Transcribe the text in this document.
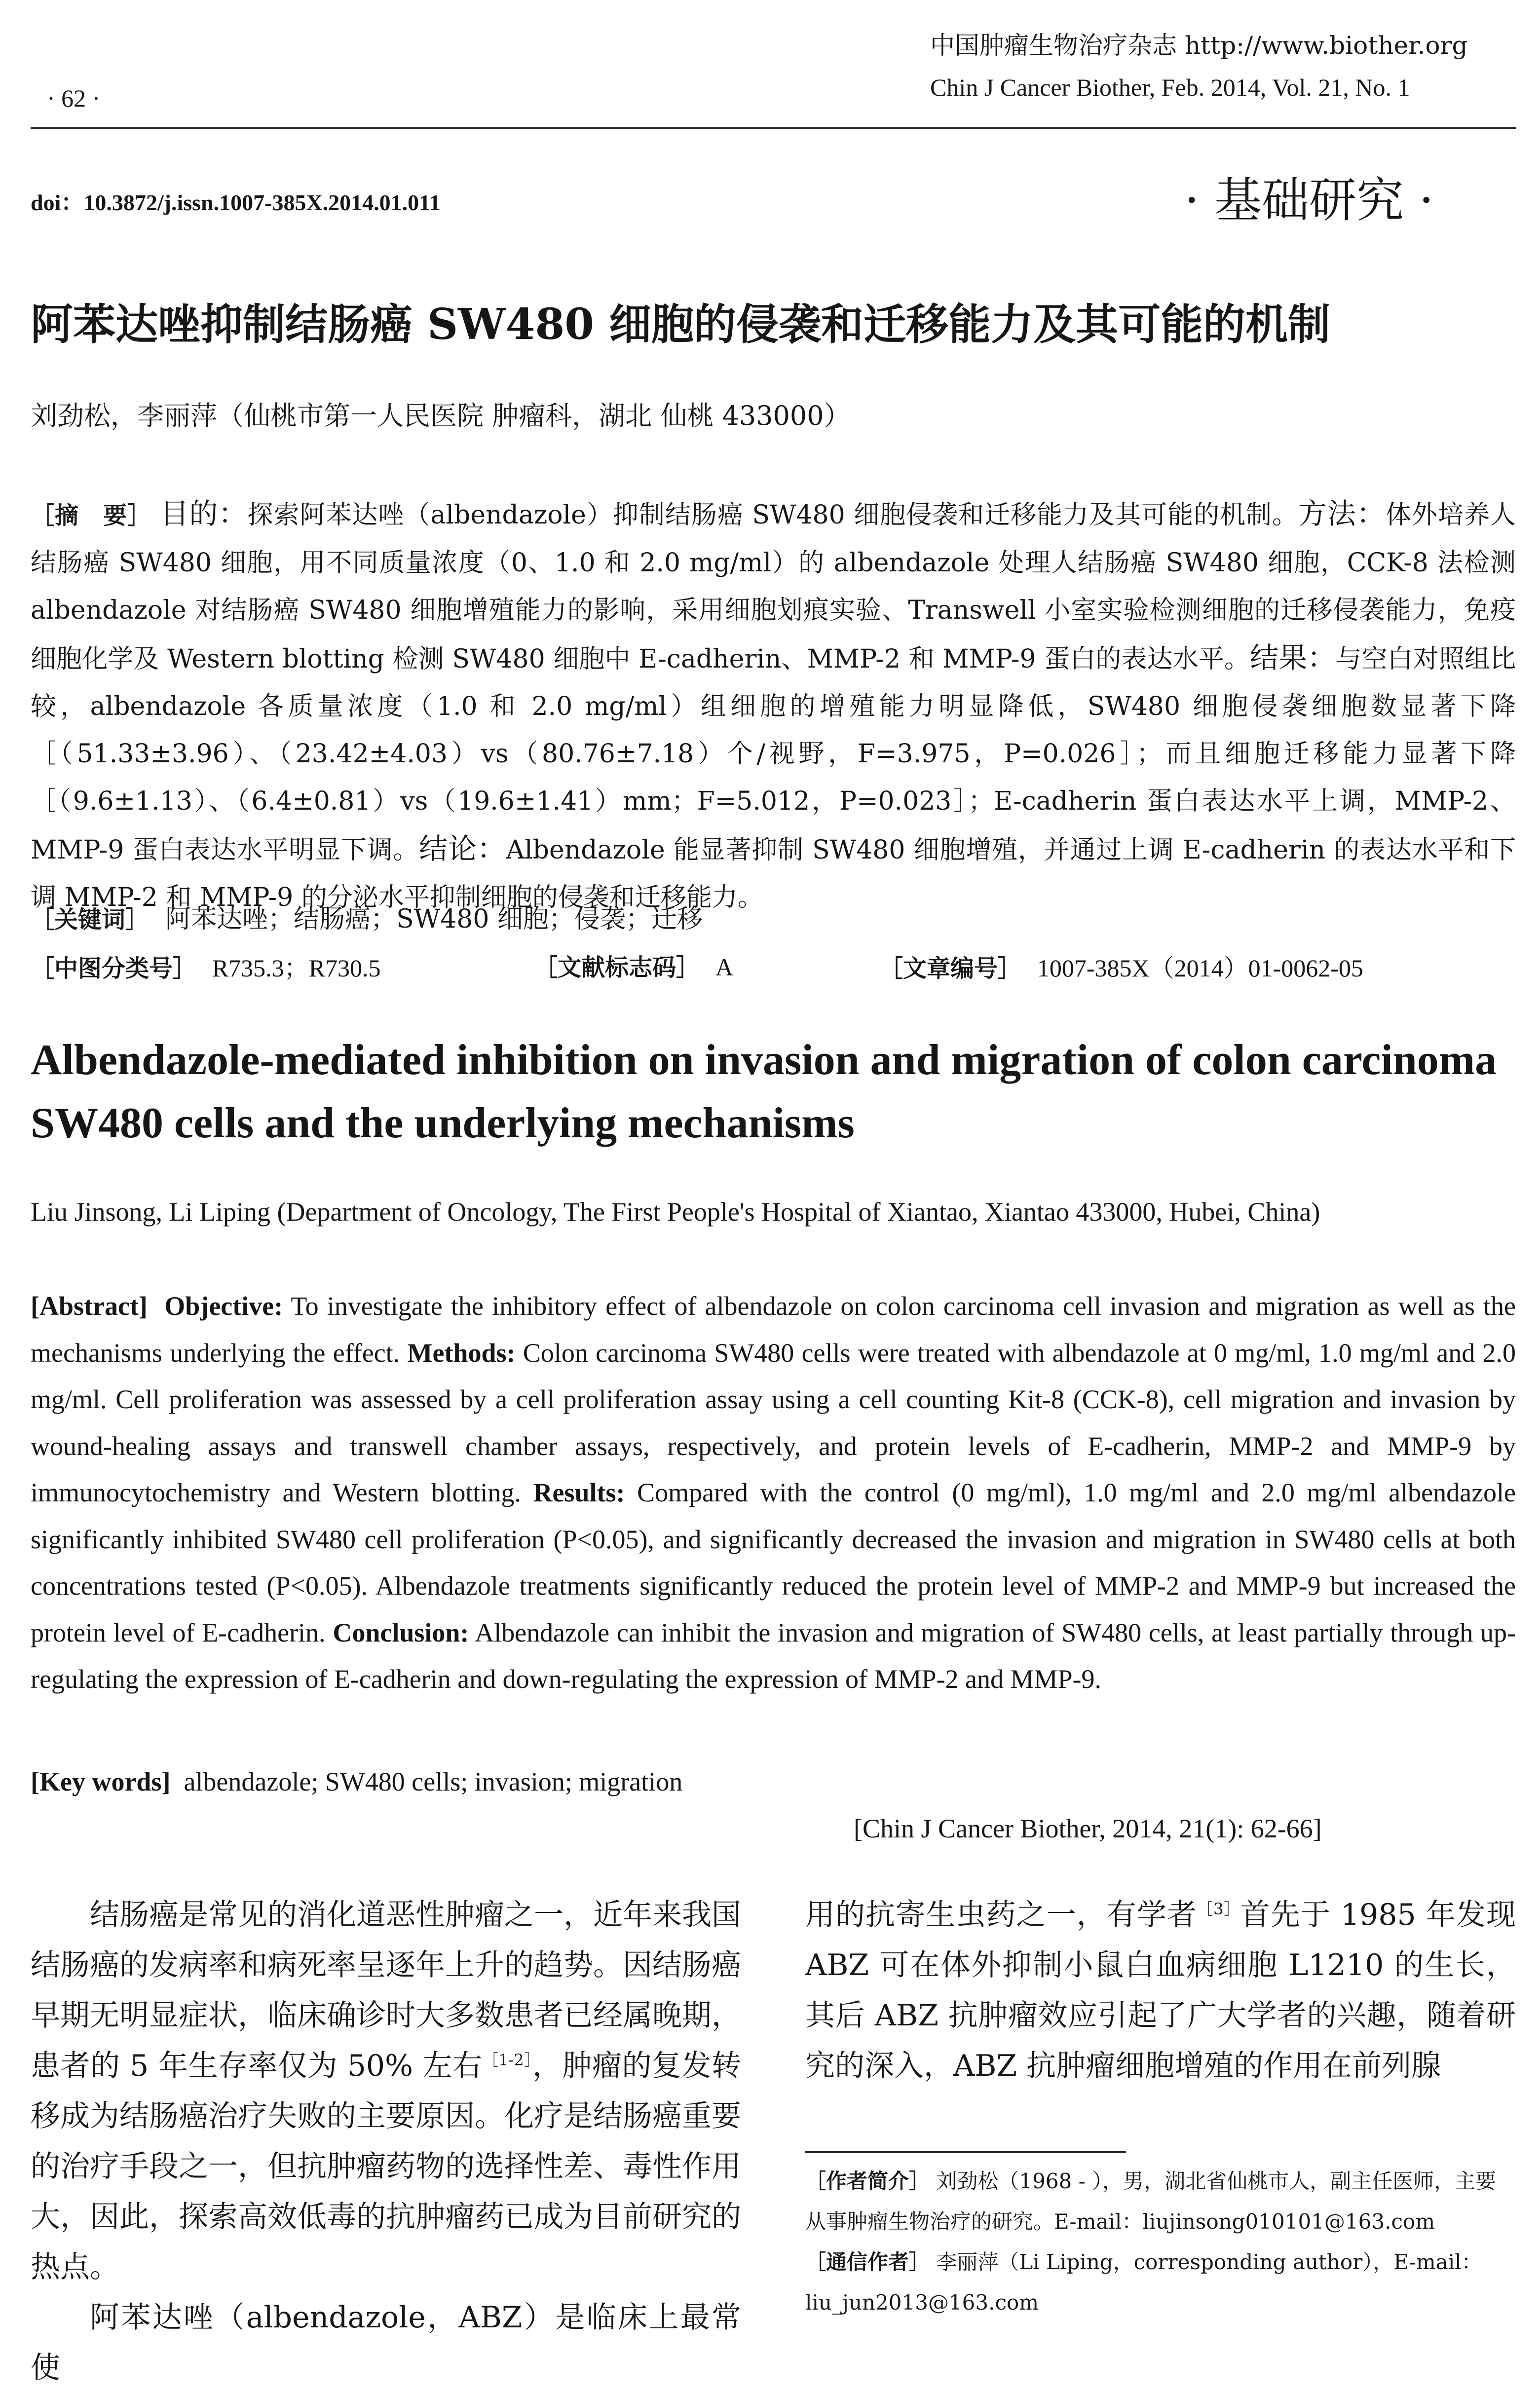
· 62 ·
中国肿瘤生物治疗杂志 http://www.biother.org
Chin J Cancer Biother, Feb. 2014, Vol. 21, No. 1
doi：10.3872/j.issn.1007-385X.2014.01.011	· 基础研究 ·
阿苯达唑抑制结肠癌 SW480 细胞的侵袭和迁移能力及其可能的机制
刘劲松，李丽萍（仙桃市第一人民医院 肿瘤科，湖北 仙桃 433000）
［摘　要］ 目的：探索阿苯达唑（albendazole）抑制结肠癌 SW480 细胞侵袭和迁移能力及其可能的机制。方法：体外培养人结肠癌 SW480 细胞，用不同质量浓度（0、1.0 和 2.0 mg/ml）的 albendazole 处理人结肠癌 SW480 细胞，CCK-8 法检测 albendazole 对结肠癌 SW480 细胞增殖能力的影响，采用细胞划痕实验、Transwell 小室实验检测细胞的迁移侵袭能力，免疫细胞化学及 Western blotting 检测 SW480 细胞中 E-cadherin、MMP-2 和 MMP-9 蛋白的表达水平。结果：与空白对照组比较，albendazole 各质量浓度（1.0 和 2.0 mg/ml）组细胞的增殖能力明显降低，SW480 细胞侵袭细胞数显著下降［（51.33±3.96）、（23.42±4.03）vs（80.76±7.18）个/视野，F=3.975，P=0.026］；而且细胞迁移能力显著下降［（9.6±1.13）、（6.4±0.81）vs（19.6±1.41）mm；F=5.012，P=0.023］；E-cadherin 蛋白表达水平上调，MMP-2、MMP-9 蛋白表达水平明显下调。结论：Albendazole 能显著抑制 SW480 细胞增殖，并通过上调 E-cadherin 的表达水平和下调 MMP-2 和 MMP-9 的分泌水平抑制细胞的侵袭和迁移能力。
［关键词］ 阿苯达唑；结肠癌；SW480 细胞；侵袭；迁移
［中图分类号］ R735.3；R730.5	［文献标志码］ A	［文章编号］ 1007-385X（2014）01-0062-05
Albendazole-mediated inhibition on invasion and migration of colon carcinoma SW480 cells and the underlying mechanisms
Liu Jinsong, Li Liping (Department of Oncology, The First People's Hospital of Xiantao, Xiantao 433000, Hubei, China)
[Abstract] Objective: To investigate the inhibitory effect of albendazole on colon carcinoma cell invasion and migration as well as the mechanisms underlying the effect. Methods: Colon carcinoma SW480 cells were treated with albendazole at 0 mg/ml, 1.0 mg/ml and 2.0 mg/ml. Cell proliferation was assessed by a cell proliferation assay using a cell counting Kit-8 (CCK-8), cell migration and invasion by wound-healing assays and transwell chamber assays, respectively, and protein levels of E-cadherin, MMP-2 and MMP-9 by immunocytochemistry and Western blotting. Results: Compared with the control (0 mg/ml), 1.0 mg/ml and 2.0 mg/ml albendazole significantly inhibited SW480 cell proliferation (P<0.05), and significantly decreased the invasion and migration in SW480 cells at both concentrations tested (P<0.05). Albendazole treatments significantly reduced the protein level of MMP-2 and MMP-9 but increased the protein level of E-cadherin. Conclusion: Albendazole can inhibit the invasion and migration of SW480 cells, at least partially through up-regulating the expression of E-cadherin and down-regulating the expression of MMP-2 and MMP-9.
[Key words] albendazole; SW480 cells; invasion; migration
[Chin J Cancer Biother, 2014, 21(1): 62-66]
结肠癌是常见的消化道恶性肿瘤之一，近年来我国结肠癌的发病率和病死率呈逐年上升的趋势。因结肠癌早期无明显症状，临床确诊时大多数患者已经属晚期，患者的 5 年生存率仅为 50% 左右$^{[1-2]}$，肿瘤的复发转移成为结肠癌治疗失败的主要原因。化疗是结肠癌重要的治疗手段之一，但抗肿瘤药物的选择性差、毒性作用大，因此，探索高效低毒的抗肿瘤药已成为目前研究的热点。
阿苯达唑（albendazole，ABZ）是临床上最常使
用的抗寄生虫药之一，有学者$^{[3]}$首先于 1985 年发现 ABZ 可在体外抑制小鼠白血病细胞 L1210 的生长，其后 ABZ 抗肿瘤效应引起了广大学者的兴趣，随着研究的深入，ABZ 抗肿瘤细胞增殖的作用在前列腺
［作者简介］ 刘劲松（1968 - ），男，湖北省仙桃市人，副主任医师，主要从事肿瘤生物治疗的研究。E-mail：liujinsong010101@163.com
［通信作者］ 李丽萍（Li Liping，corresponding author），E-mail：liu_jun2013@163.com
